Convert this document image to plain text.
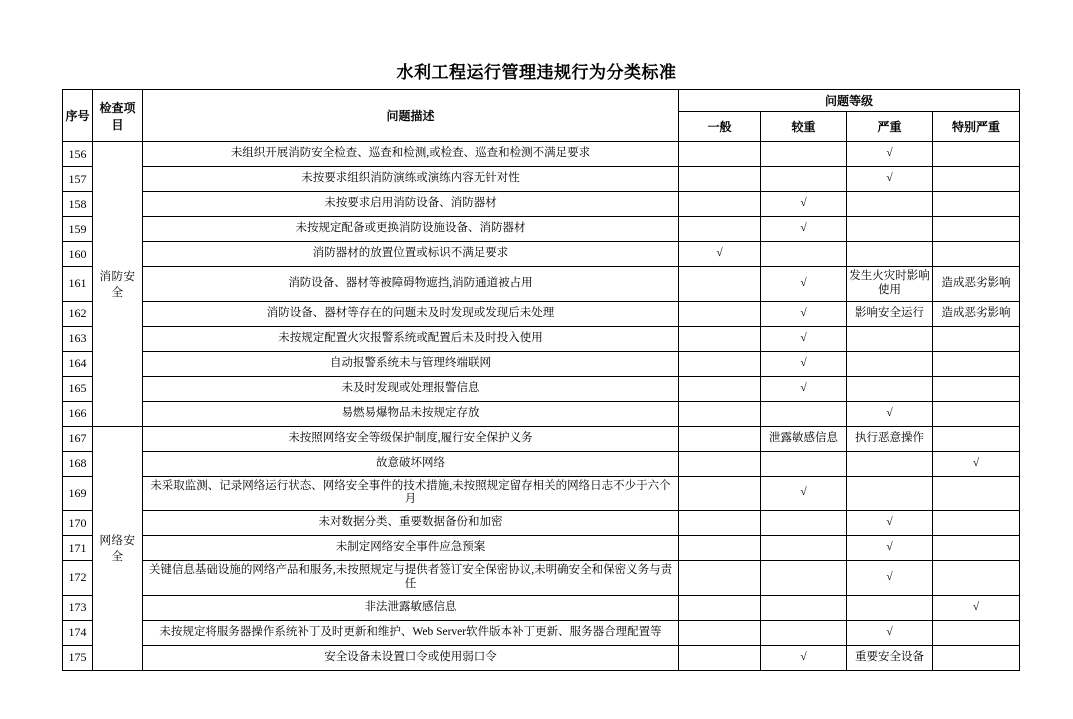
水利工程运行管理违规行为分类标准
序号	检查项目	问题描述	问题等级			
			一般	较重	严重	特别严重
156	消防安全	未组织开展消防安全检查、巡查和检测,或检查、巡查和检测不满足要求			√	
157		未按要求组织消防演练或演练内容无针对性			√	
158		未按要求启用消防设备、消防器材		√		
159		未按规定配备或更换消防设施设备、消防器材		√		
160		消防器材的放置位置或标识不满足要求	√			
161		消防设备、器材等被障碍物遮挡,消防通道被占用		√	发生火灾时影响使用	造成恶劣影响
162		消防设备、器材等存在的问题未及时发现或发现后未处理		√	影响安全运行	造成恶劣影响
163		未按规定配置火灾报警系统或配置后未及时投入使用		√		
164		自动报警系统未与管理终端联网		√		
165		未及时发现或处理报警信息		√		
166		易燃易爆物品未按规定存放			√	
167	网络安全	未按照网络安全等级保护制度,履行安全保护义务		泄露敏感信息	执行恶意操作	
168		故意破坏网络				√
169		未采取监测、记录网络运行状态、网络安全事件的技术措施,未按照规定留存相关的网络日志不少于六个月		√		
170		未对数据分类、重要数据备份和加密			√	
171		未制定网络安全事件应急预案			√	
172		关键信息基础设施的网络产品和服务,未按照规定与提供者签订安全保密协议,未明确安全和保密义务与责任			√	
173		非法泄露敏感信息				√
174		未按规定将服务器操作系统补丁及时更新和维护、Web Server软件版本补丁更新、服务器合理配置等			√	
175		安全设备未设置口令或使用弱口令		√	重要安全设备	
